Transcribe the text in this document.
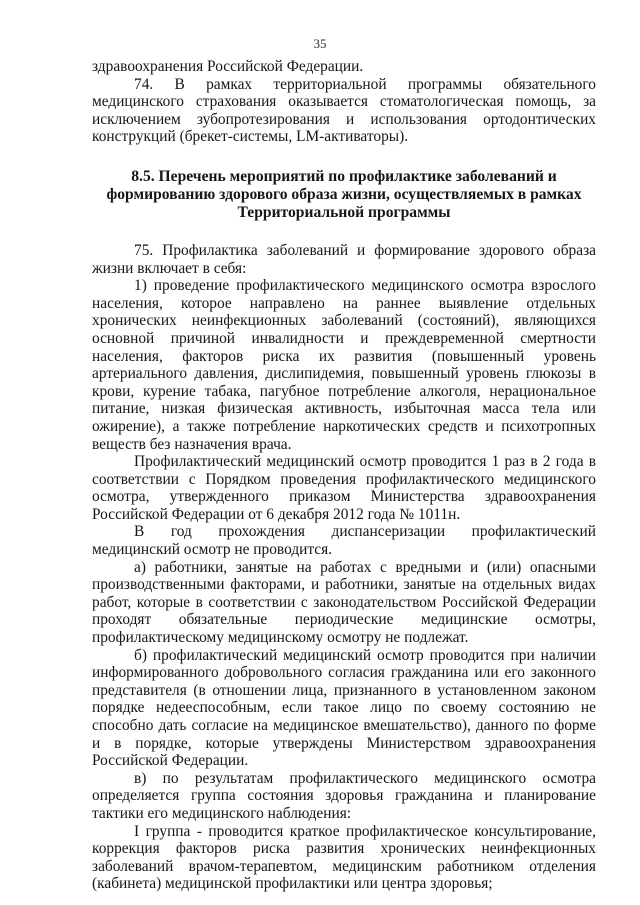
35

здравоохранения Российской Федерации.

74. В рамках территориальной программы обязательного медицинского страхования оказывается стоматологическая помощь, за исключением зубопротезирования и использования ортодонтических конструкций (брекет-системы, LM-активаторы).

8.5. Перечень мероприятий по профилактике заболеваний и
формированию здорового образа жизни, осуществляемых в рамках
Территориальной программы

75. Профилактика заболеваний и формирование здорового образа жизни включает в себя:

1) проведение профилактического медицинского осмотра взрослого населения, которое направлено на раннее выявление отдельных хронических неинфекционных заболеваний (состояний), являющихся основной причиной инвалидности и преждевременной смертности населения, факторов риска их развития (повышенный уровень артериального давления, дислипидемия, повышенный уровень глюкозы в крови, курение табака, пагубное потребление алкоголя, нерациональное питание, низкая физическая активность, избыточная масса тела или ожирение), а также потребление наркотических средств и психотропных веществ без назначения врача.

Профилактический медицинский осмотр проводится 1 раз в 2 года в соответствии с Порядком проведения профилактического медицинского осмотра, утвержденного приказом Министерства здравоохранения Российской Федерации от 6 декабря 2012 года № 1011н.

В год прохождения диспансеризации профилактический медицинский осмотр не проводится.

а) работники, занятые на работах с вредными и (или) опасными производственными факторами, и работники, занятые на отдельных видах работ, которые в соответствии с законодательством Российской Федерации проходят обязательные периодические медицинские осмотры, профилактическому медицинскому осмотру не подлежат.

б) профилактический медицинский осмотр проводится при наличии информированного добровольного согласия гражданина или его законного представителя (в отношении лица, признанного в установленном законом порядке недееспособным, если такое лицо по своему состоянию не способно дать согласие на медицинское вмешательство), данного по форме и в порядке, которые утверждены Министерством здравоохранения Российской Федерации.

в) по результатам профилактического медицинского осмотра определяется группа состояния здоровья гражданина и планирование тактики его медицинского наблюдения:

I группа - проводится краткое профилактическое консультирование, коррекция факторов риска развития хронических неинфекционных заболеваний врачом-терапевтом, медицинским работником отделения (кабинета) медицинской профилактики или центра здоровья;
